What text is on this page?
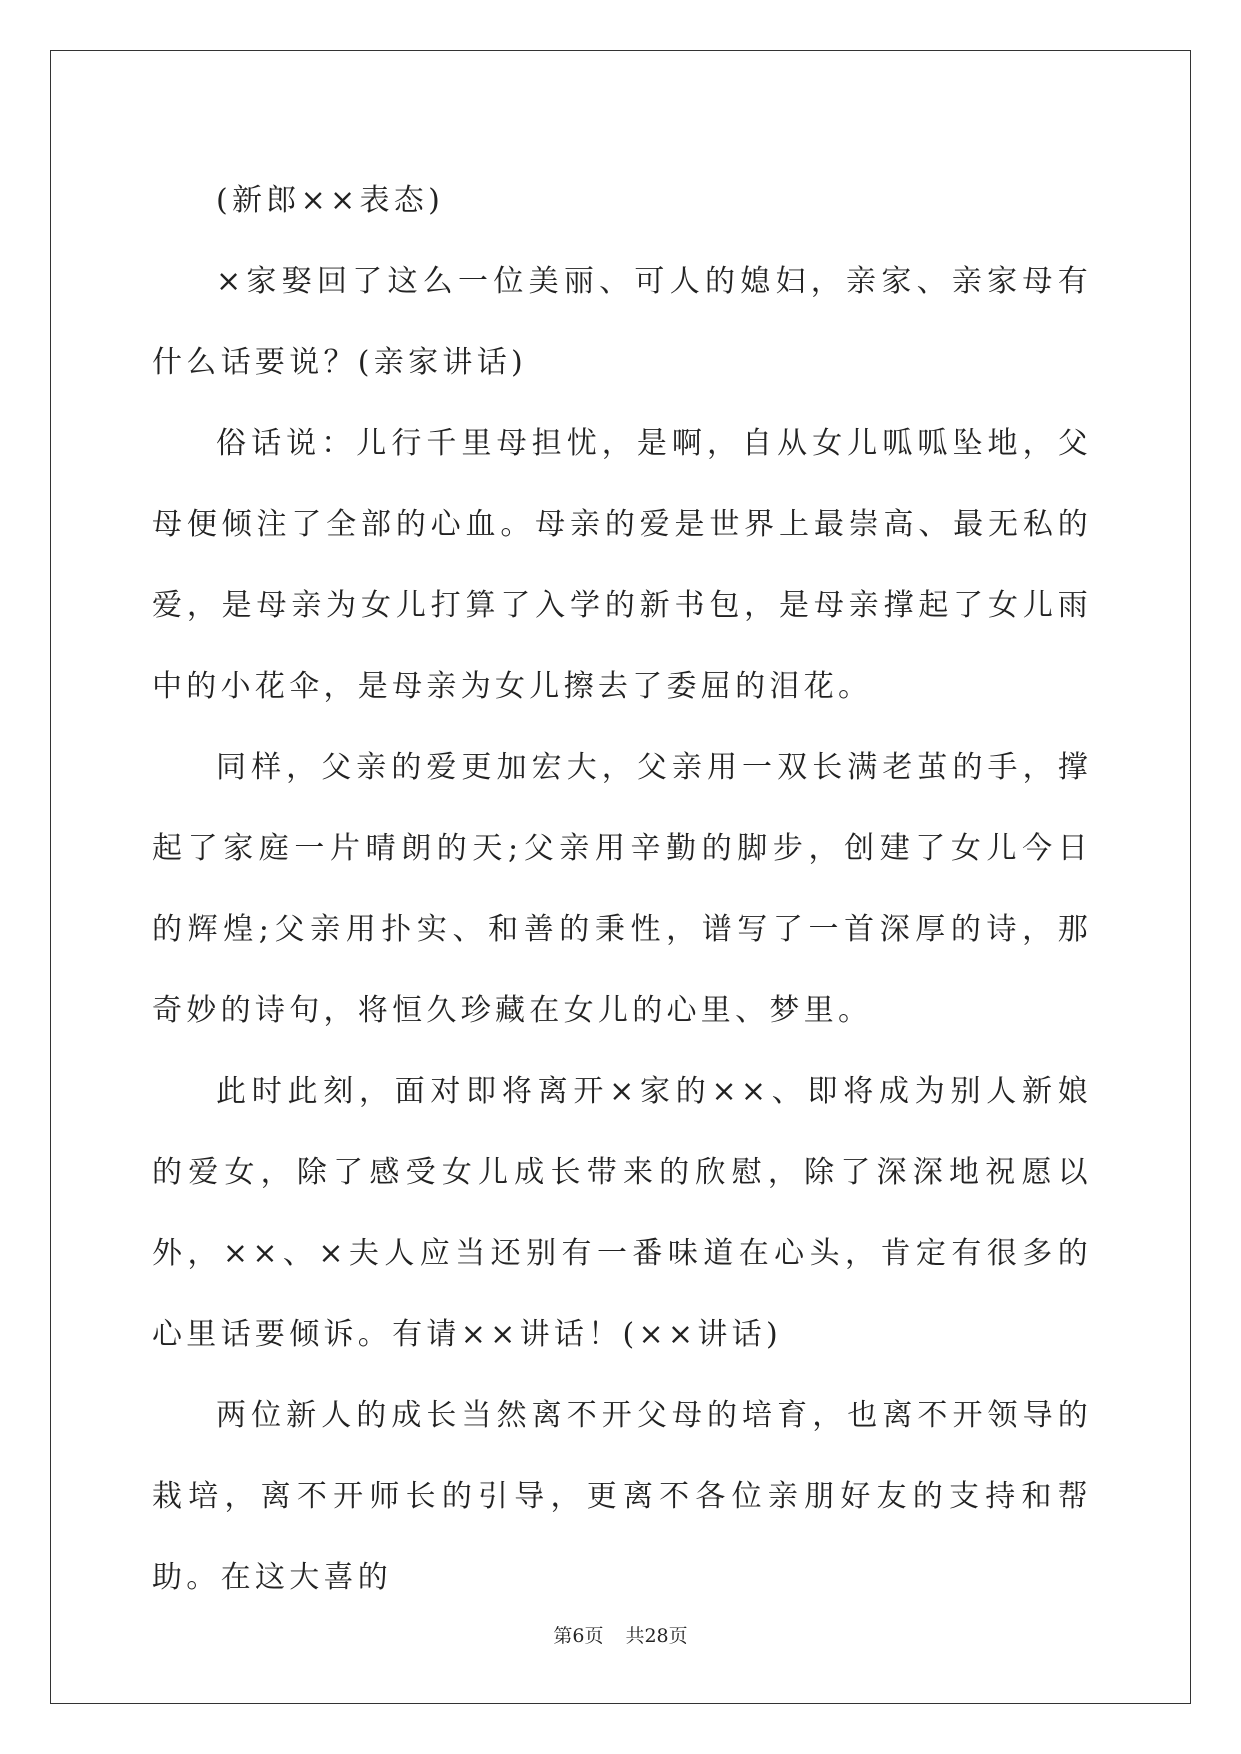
(新郎××表态)

×家娶回了这么一位美丽、可人的媳妇，亲家、亲家母有什么话要说？(亲家讲话)

俗话说：儿行千里母担忧，是啊，自从女儿呱呱坠地，父母便倾注了全部的心血。母亲的爱是世界上最崇高、最无私的爱，是母亲为女儿打算了入学的新书包，是母亲撑起了女儿雨中的小花伞，是母亲为女儿擦去了委屈的泪花。

同样，父亲的爱更加宏大，父亲用一双长满老茧的手，撑起了家庭一片晴朗的天;父亲用辛勤的脚步，创建了女儿今日的辉煌;父亲用扑实、和善的秉性，谱写了一首深厚的诗，那奇妙的诗句，将恒久珍藏在女儿的心里、梦里。

此时此刻，面对即将离开×家的××、即将成为别人新娘的爱女，除了感受女儿成长带来的欣慰，除了深深地祝愿以外，××、×夫人应当还别有一番味道在心头，肯定有很多的心里话要倾诉。有请××讲话！(××讲话)

两位新人的成长当然离不开父母的培育，也离不开领导的栽培，离不开师长的引导，更离不各位亲朋好友的支持和帮助。在这大喜的

第6页 共28页
